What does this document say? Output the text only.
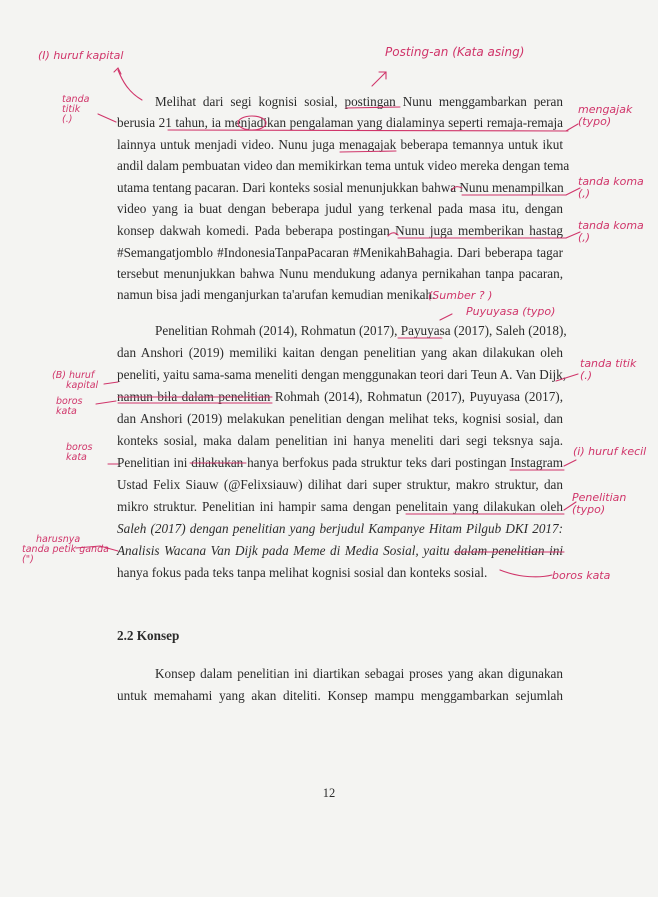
Melihat dari segi kognisi sosial, postingan Nunu menggambarkan peran
berusia 21 tahun, ia menjadikan pengalaman yang dialaminya seperti remaja-remaja
lainnya untuk menjadi video. Nunu juga menagajak beberapa temannya untuk ikut
andil dalam pembuatan video dan memikirkan tema untuk video mereka dengan tema
utama tentang pacaran. Dari konteks sosial menunjukkan bahwa Nunu menampilkan
video yang ia buat dengan beberapa judul yang terkenal pada masa itu, dengan
konsep dakwah komedi. Pada beberapa postingan Nunu juga memberikan hastag
#Semangatjomblo #IndonesiaTanpaPacaran #MenikahBahagia. Dari beberapa tagar
tersebut menunjukkan bahwa Nunu mendukung adanya pernikahan tanpa pacaran,
namun bisa jadi menganjurkan ta'arufan kemudian menikah.
Penelitian Rohmah (2014), Rohmatun (2017), Payuyasa (2017), Saleh (2018),
dan Anshori (2019) memiliki kaitan dengan penelitian yang akan dilakukan oleh
peneliti, yaitu sama-sama meneliti dengan menggunakan teori dari Teun A. Van Dijk,
namun bila dalam penelitian Rohmah (2014), Rohmatun (2017), Puyuyasa (2017),
dan Anshori (2019) melakukan penelitian dengan melihat teks, kognisi sosial, dan
konteks sosial, maka dalam penelitian ini hanya meneliti dari segi teksnya saja.
Penelitian ini dilakukan hanya berfokus pada struktur teks dari postingan Instagram
Ustad Felix Siauw (@Felixsiauw) dilihat dari super struktur, makro struktur, dan
mikro struktur. Penelitian ini hampir sama dengan penelitain yang dilakukan oleh
Saleh (2017) dengan penelitian yang berjudul Kampanye Hitam Pilgub DKI 2017:
Analisis Wacana Van Dijk pada Meme di Media Sosial, yaitu dalam penelitian ini
hanya fokus pada teks tanpa melihat kognisi sosial dan konteks sosial.
2.2 Konsep
Konsep dalam penelitian ini diartikan sebagai proses yang akan digunakan
untuk memahami yang akan diteliti. Konsep mampu menggambarkan sejumlah
12
(I) huruf kapital	Posting-an (Kata asing)
tanda
titik
(.)
mengajak
(typo)
tanda koma
(,)
tanda koma
(,)
(Sumber ? )
Puyuyasa (typo)
tanda titik
(.)
(B) huruf
kapital
boros
kata
boros
kata	(i) huruf kecil
Penelitian
(typo)
harusnya
tanda petik ganda
(")
boros kata
